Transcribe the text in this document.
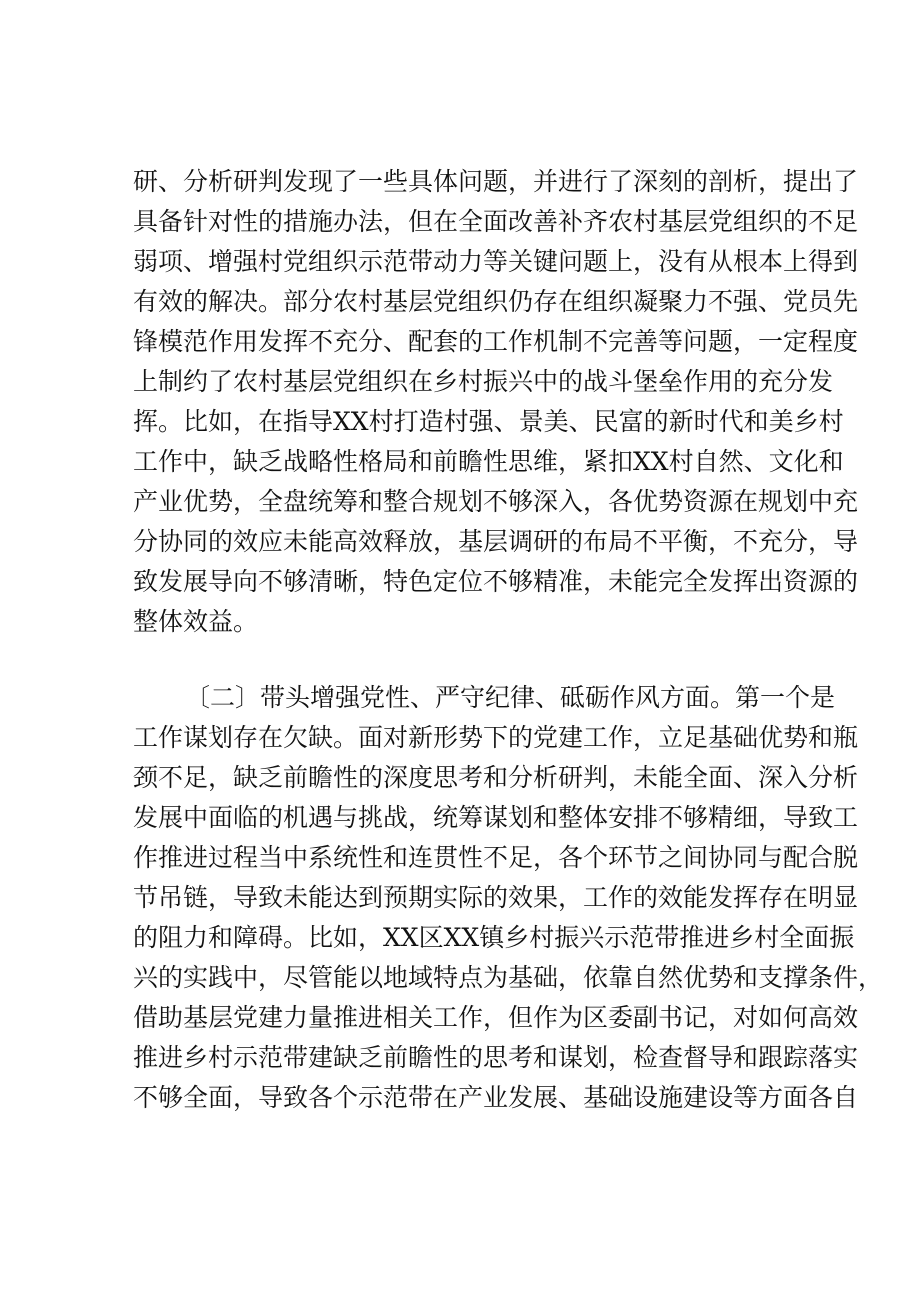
研、分析研判发现了一些具体问题，并进行了深刻的剖析，提出了
具备针对性的措施办法，但在全面改善补齐农村基层党组织的不足
弱项、增强村党组织示范带动力等关键问题上，没有从根本上得到
有效的解决。部分农村基层党组织仍存在组织凝聚力不强、党员先
锋模范作用发挥不充分、配套的工作机制不完善等问题，一定程度
上制约了农村基层党组织在乡村振兴中的战斗堡垒作用的充分发
挥。比如，在指导XX村打造村强、景美、民富的新时代和美乡村
工作中，缺乏战略性格局和前瞻性思维，紧扣XX村自然、文化和
产业优势，全盘统筹和整合规划不够深入，各优势资源在规划中充
分协同的效应未能高效释放，基层调研的布局不平衡，不充分，导
致发展导向不够清晰，特色定位不够精准，未能完全发挥出资源的
整体效益。
〔二〕带头增强党性、严守纪律、砥砺作风方面。第一个是
工作谋划存在欠缺。面对新形势下的党建工作，立足基础优势和瓶
颈不足，缺乏前瞻性的深度思考和分析研判，未能全面、深入分析
发展中面临的机遇与挑战，统筹谋划和整体安排不够精细，导致工
作推进过程当中系统性和连贯性不足，各个环节之间协同与配合脱
节吊链，导致未能达到预期实际的效果，工作的效能发挥存在明显
的阻力和障碍。比如，XX区XX镇乡村振兴示范带推进乡村全面振
兴的实践中，尽管能以地域特点为基础，依靠自然优势和支撑条件，
借助基层党建力量推进相关工作，但作为区委副书记，对如何高效
推进乡村示范带建缺乏前瞻性的思考和谋划，检查督导和跟踪落实
不够全面，导致各个示范带在产业发展、基础设施建设等方面各自
